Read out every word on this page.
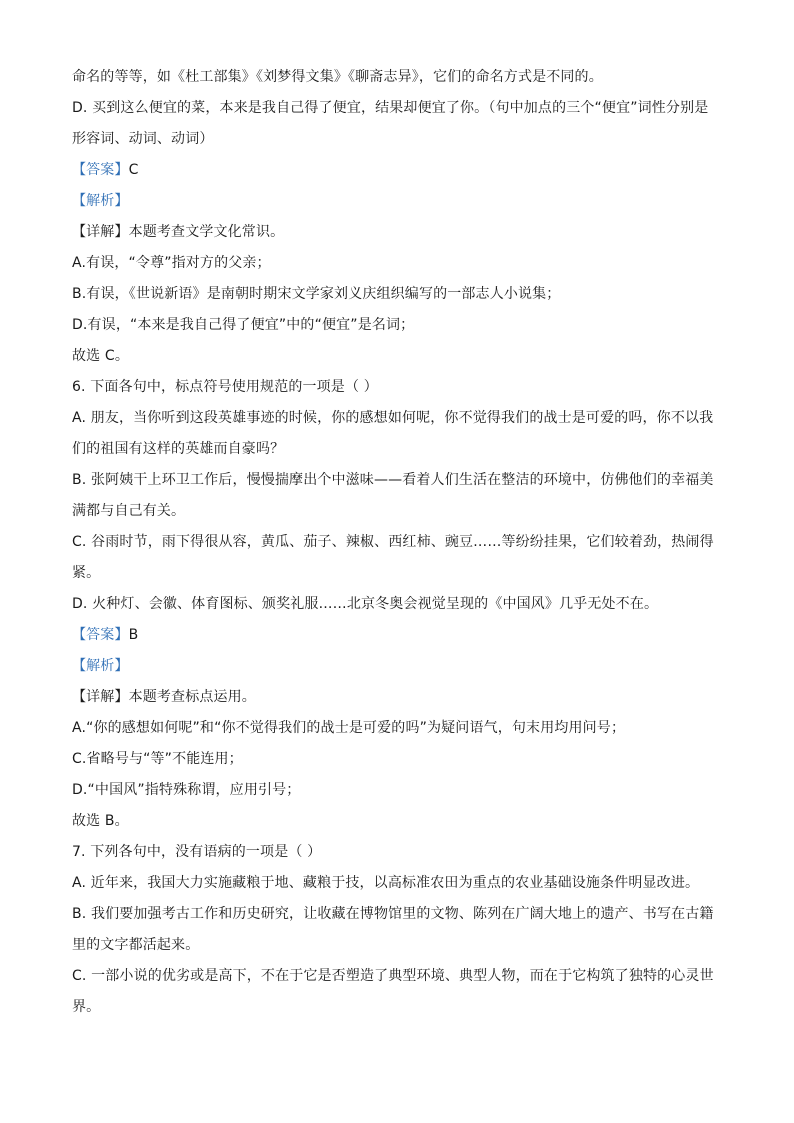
命名的等等，如《杜工部集》《刘梦得文集》《聊斋志异》，它们的命名方式是不同的。
D. 买到这么便宜的菜，本来是我自己得了便宜，结果却便宜了你。（句中加点的三个“便宜”词性分别是
形容词、动词、动词）
【答案】C
【解析】
【详解】本题考查文学文化常识。
A.有误，“令尊”指对方的父亲；
B.有误，《世说新语》是南朝时期宋文学家刘义庆组织编写的一部志人小说集；
D.有误，“本来是我自己得了便宜”中的“便宜”是名词；
故选 C。
6. 下面各句中，标点符号使用规范的一项是（ ）
A. 朋友，当你听到这段英雄事迹的时候，你的感想如何呢，你不觉得我们的战士是可爱的吗，你不以我
们的祖国有这样的英雄而自豪吗？
B. 张阿姨干上环卫工作后，慢慢揣摩出个中滋味——看着人们生活在整洁的环境中，仿佛他们的幸福美
满都与自己有关。
C. 谷雨时节，雨下得很从容，黄瓜、茄子、辣椒、西红柿、豌豆……等纷纷挂果，它们较着劲，热闹得
紧。
D. 火种灯、会徽、体育图标、颁奖礼服……北京冬奥会视觉呈现的《中国风》几乎无处不在。
【答案】B
【解析】
【详解】本题考查标点运用。
A.“你的感想如何呢”和“你不觉得我们的战士是可爱的吗”为疑问语气，句末用均用问号；
C.省略号与“等”不能连用；
D.“中国风”指特殊称谓，应用引号；
故选 B。
7. 下列各句中，没有语病的一项是（ ）
A. 近年来，我国大力实施藏粮于地、藏粮于技，以高标准农田为重点的农业基础设施条件明显改进。
B. 我们要加强考古工作和历史研究，让收藏在博物馆里的文物、陈列在广阔大地上的遗产、书写在古籍
里的文字都活起来。
C. 一部小说的优劣或是高下，不在于它是否塑造了典型环境、典型人物，而在于它构筑了独特的心灵世
界。
